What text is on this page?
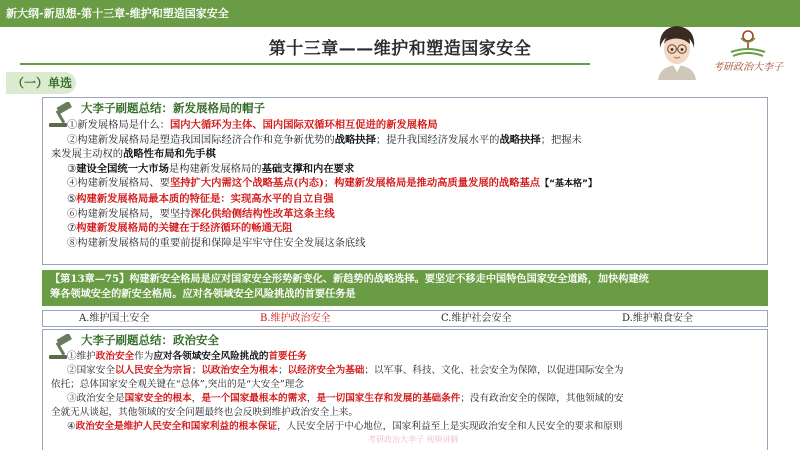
新大纲-新思想-第十三章-维护和塑造国家安全
第十三章——维护和塑造国家安全
考研政治大李子
（一）单选
大李子刷题总结：新发展格局的帽子
①新发展格局是什么：国内大循环为主体、国内国际双循环相互促进的新发展格局
②构建新发展格局是塑造我国国际经济合作和竞争新优势的战略抉择；提升我国经济发展水平的战略抉择；把握未
来发展主动权的战略性布局和先手棋
③建设全国统一大市场是构建新发展格局的基础支撑和内在要求
④构建新发展格局、要坚持扩大内需这个战略基点(内态)；构建新发展格局是推动高质量发展的战略基点【“基本格”】
⑤构建新发展格局最本质的特征是：实现高水平的自立自强
⑥构建新发展格局，要坚持深化供给侧结构性改革这条主线
⑦构建新发展格局的关键在于经济循环的畅通无阻
⑧构建新发展格局的重要前提和保障是牢牢守住安全发展这条底线
【第13章—75】构建新安全格局是应对国家安全形势新变化、新趋势的战略选择。要坚定不移走中国特色国家安全道路，加快构建统
筹各领域安全的新安全格局。应对各领域安全风险挑战的首要任务是
A.维护国土安全	B.维护政治安全	C.维护社会安全	D.维护粮食安全
大李子刷题总结：政治安全
①维护政治安全作为应对各领域安全风险挑战的首要任务
②国家安全以人民安全为宗旨；以政治安全为根本；以经济安全为基础；以军事、科技、文化、社会安全为保障，以促进国际安全为
依托；总体国家安全观关键在“总体”,突出的是“大安全”理念
③政治安全是国家安全的根本，是一个国家最根本的需求，是一切国家生存和发展的基础条件；没有政治安全的保障，其他领域的安
全就无从谈起，其他领域的安全问题最终也会反映到维护政治安全上来。
④政治安全是维护人民安全和国家利益的根本保证，人民安全居于中心地位，国家利益至上是实现政治安全和人民安全的要求和原则
考研政治大李子 视频讲解
